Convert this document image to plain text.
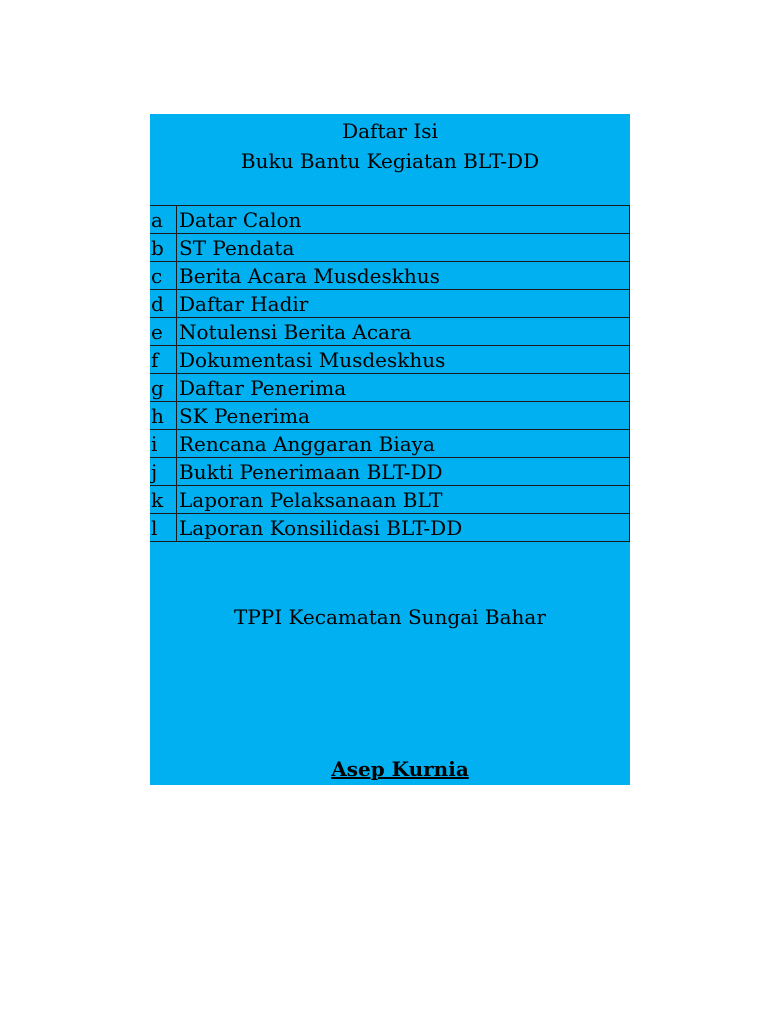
Daftar Isi
Buku Bantu Kegiatan BLT-DD
a	Datar Calon
b	ST Pendata
c	Berita Acara Musdeskhus
d	Daftar Hadir
e	Notulensi Berita Acara
f	Dokumentasi Musdeskhus
g	Daftar Penerima
h	SK Penerima
i	Rencana Anggaran Biaya
j	Bukti Penerimaan BLT-DD
k	Laporan Pelaksanaan BLT
l	Laporan Konsilidasi BLT-DD
TPPI Kecamatan Sungai Bahar
Asep Kurnia
